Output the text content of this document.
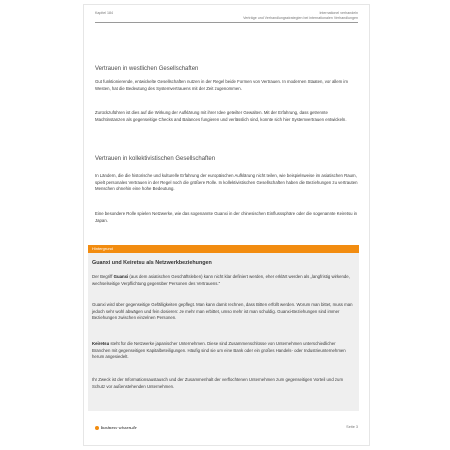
Kapitel 184	Internationel verhandeln
Verträge und Verhandlungsstrategien bei internationalen Verhandlungen
Vertrauen in westlichen Gesellschaften

Gut funktionierende, entwickelte Gesellschaften nutzen in der Regel beide Formen von Vertrauen. In modernen Staaten, vor allem im Westen, hat die Bedeutung des Systemvertrauens mit der Zeit zugenommen.

Zurückzuführen ist dies auf die Wirkung der Aufklärung mit ihrer Idee geteilter Gewalten. Mit der Erfahrung, dass getrennte Machtinstanzen als gegenseitige Checks and Balances fungieren und verlässlich sind, konnte sich hier Systemvertrauen entwickeln.

Vertrauen in kollektivistischen Gesellschaften

In Ländern, die die historische und kulturelle Erfahrung der europäischen Aufklärung nicht teilen, wie beispielsweise im asiatischen Raum, spielt personales Vertrauen in der Regel noch die größere Rolle. In kollektivistischen Gesellschaften haben die Beziehungen zu vertrauten Menschen ohnehin eine hohe Bedeutung.

Eine besondere Rolle spielen Netzwerke, wie das sogenannte Guanxi in der chinesischen Einflusssphäre oder die sogenannte Keiretsu in Japan.

Hintergrund
Guanxi und Keiretsu als Netzwerkbeziehungen

Der Begriff Guanxi (aus dem asiatischen Geschäftsleben) kann nicht klar definiert werden, eher erklärt werden als „langfristig wirkende, wechselseitige Verpflichtung gegenüber Personen des Vertrauens."

Guanxi wird über gegenseitige Gefälligkeiten gepflegt. Man kann damit rechnen, dass Bitten erfüllt werden. Worum man bittet, muss man jedoch sehr wohl abwägen und fein dosieren: Je mehr man erbittet, umso mehr ist man schuldig. Guanxi-Beziehungen sind immer Beziehungen zwischen einzelnen Personen.

Keiretsu steht für die Netzwerke japanischer Unternehmen. Diese sind Zusammenschlüsse von Unternehmen unterschiedlicher Branchen mit gegenseitigen Kapitalbeteiligungen. Häufig sind sie um eine Bank oder ein großes Handels- oder Industrieunternehmen herum angesiedelt.

Ihr Zweck ist der Informationsaustausch und der Zusammenhalt der verflochtenen Unternehmen zum gegenseitigen Vorteil und zum Schutz vor außenstehenden Unternehmen.

business-wissen.de	Seite 3
